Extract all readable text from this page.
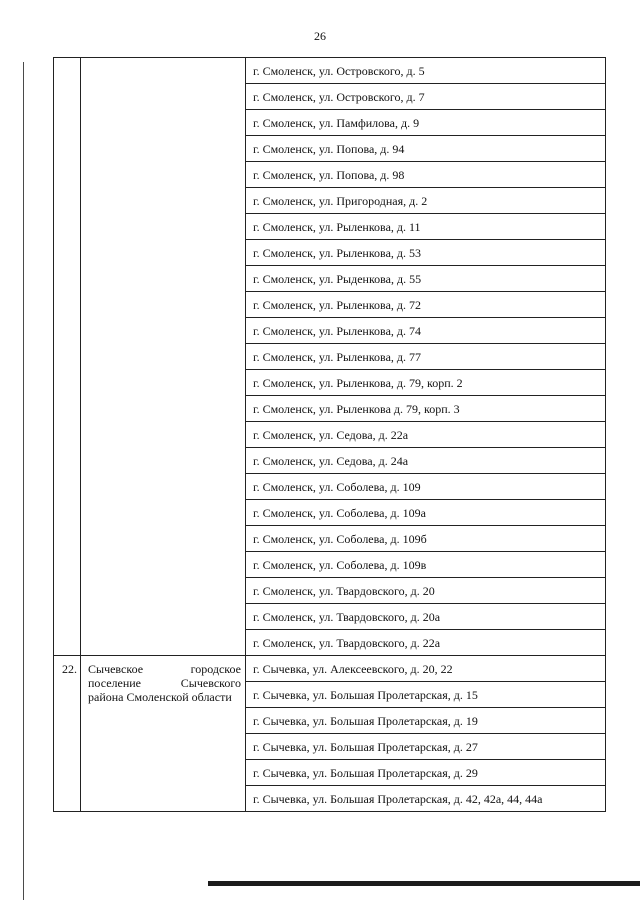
26
		г. Смоленск, ул. Островского, д. 5
		г. Смоленск, ул. Островского, д. 7
		г. Смоленск, ул. Памфилова, д. 9
		г. Смоленск, ул. Попова, д. 94
		г. Смоленск, ул. Попова, д. 98
		г. Смоленск, ул. Пригородная, д. 2
		г. Смоленск, ул. Рыленкова, д. 11
		г. Смоленск, ул. Рыленкова, д. 53
		г. Смоленск, ул. Рыденкова, д. 55
		г. Смоленск, ул. Рыленкова, д. 72
		г. Смоленск, ул. Рыленкова, д. 74
		г. Смоленск, ул. Рыленкова, д. 77
		г. Смоленск, ул. Рыленкова, д. 79, корп. 2
		г. Смоленск, ул. Рыленкова д. 79, корп. 3
		г. Смоленск, ул. Седова, д. 22а
		г. Смоленск, ул. Седова, д. 24а
		г. Смоленск, ул. Соболева, д. 109
		г. Смоленск, ул. Соболева, д. 109а
		г. Смоленск, ул. Соболева, д. 109б
		г. Смоленск, ул. Соболева, д. 109в
		г. Смоленск, ул. Твардовского, д. 20
		г. Смоленск, ул. Твардовского, д. 20а
		г. Смоленск, ул. Твардовского, д. 22а
22.	Сычевское городское поселение Сычевского района Смоленской области	г. Сычевка, ул. Алексеевского, д. 20, 22
		г. Сычевка, ул. Большая Пролетарская, д. 15
		г. Сычевка, ул. Большая Пролетарская, д. 19
		г. Сычевка, ул. Большая Пролетарская, д. 27
		г. Сычевка, ул. Большая Пролетарская, д. 29
		г. Сычевка, ул. Большая Пролетарская, д. 42, 42а, 44, 44а
